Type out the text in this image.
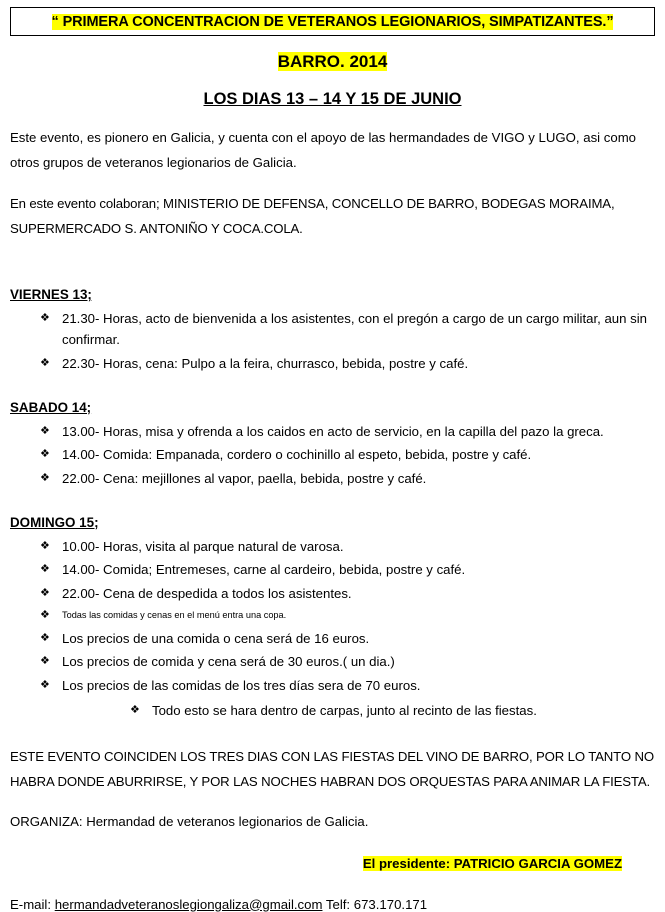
“ PRIMERA CONCENTRACION DE VETERANOS LEGIONARIOS, SIMPATIZANTES.”
BARRO. 2014
LOS DIAS 13 – 14 Y 15 DE JUNIO
Este evento, es pionero en Galicia, y cuenta con el apoyo de las hermandades de VIGO y LUGO, asi como otros grupos de veteranos legionarios de Galicia.
En este evento colaboran; MINISTERIO DE DEFENSA, CONCELLO DE BARRO, BODEGAS MORAIMA, SUPERMERCADO S. ANTONIÑO Y COCA.COLA.
VIERNES 13;
❖ 21.30- Horas, acto de bienvenida a los asistentes, con el pregón a cargo de un cargo militar, aun sin confirmar.
❖ 22.30- Horas, cena: Pulpo a la feira, churrasco, bebida, postre y café.
SABADO 14;
❖ 13.00- Horas, misa y ofrenda a los caidos en acto de servicio, en la capilla del pazo la greca.
❖ 14.00- Comida: Empanada, cordero o cochinillo al espeto, bebida, postre y café.
❖ 22.00- Cena: mejillones al vapor, paella, bebida, postre y café.
DOMINGO 15;
❖ 10.00- Horas, visita al parque natural de varosa.
❖ 14.00- Comida; Entremeses, carne al cardeiro, bebida, postre y café.
❖ 22.00- Cena de despedida a todos los asistentes.
❖ Todas las comidas y cenas en el menú entra una copa.
❖ Los precios de una comida o cena será de 16 euros.
❖ Los precios de comida y cena será de 30 euros.( un dia.)
❖ Los precios de las comidas de los tres días sera de 70 euros.
❖ Todo esto se hara dentro de carpas, junto al recinto de las fiestas.
ESTE EVENTO COINCIDEN LOS TRES DIAS CON LAS FIESTAS DEL VINO DE BARRO, POR LO TANTO NO HABRA DONDE ABURRIRSE, Y POR LAS NOCHES HABRAN DOS ORQUESTAS PARA ANIMAR LA FIESTA.
ORGANIZA: Hermandad de veteranos legionarios de Galicia.
El presidente: PATRICIO GARCIA GOMEZ
E-mail: hermandadveteranoslegiongaliza@gmail.com Telf: 673.170.171
